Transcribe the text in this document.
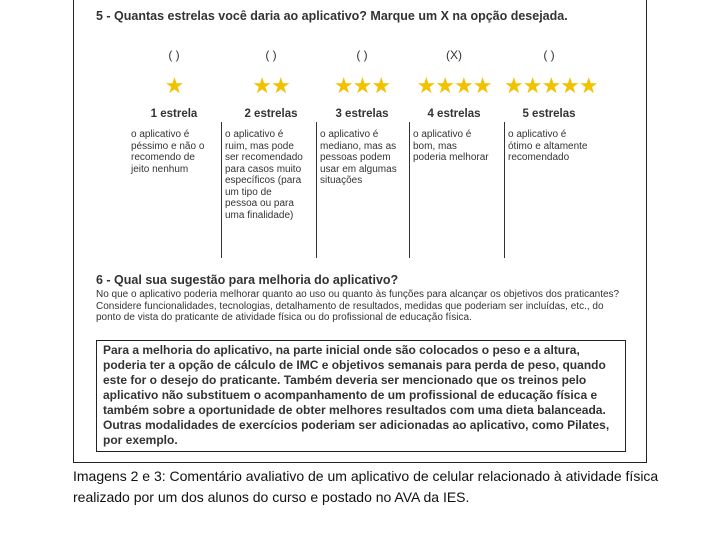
5 - Quantas estrelas você daria ao aplicativo? Marque um X na opção desejada.
( )
★
1 estrela
( )
★★
2 estrelas
( )
★★★
3 estrelas
(X)
★★★★
4 estrelas
( )
★★★★★
5 estrelas
o aplicativo é péssimo e não o recomendo de jeito nenhum
o aplicativo é ruim, mas pode ser recomendado para casos muito específicos (para um tipo de pessoa ou para uma finalidade)
o aplicativo é mediano, mas as pessoas podem usar em algumas situações
o aplicativo é bom, mas poderia melhorar
o aplicativo é ótimo e altamente recomendado
6 - Qual sua sugestão para melhoria do aplicativo?
No que o aplicativo poderia melhorar quanto ao uso ou quanto às funções para alcançar os objetivos dos praticantes? Considere funcionalidades, tecnologias, detalhamento de resultados, medidas que poderiam ser incluídas, etc., do ponto de vista do praticante de atividade física ou do profissional de educação física.
Para a melhoria do aplicativo, na parte inicial onde são colocados o peso e a altura, poderia ter a opção de cálculo de IMC e objetivos semanais para perda de peso, quando este for o desejo do praticante. Também deveria ser mencionado que os treinos pelo aplicativo não substituem o acompanhamento de um profissional de educação física e também sobre a oportunidade de obter melhores resultados com uma dieta balanceada. Outras modalidades de exercícios poderiam ser adicionadas ao aplicativo, como Pilates, por exemplo.
Imagens 2 e 3: Comentário avaliativo de um aplicativo de celular relacionado à atividade física realizado por um dos alunos do curso e postado no AVA da IES.
